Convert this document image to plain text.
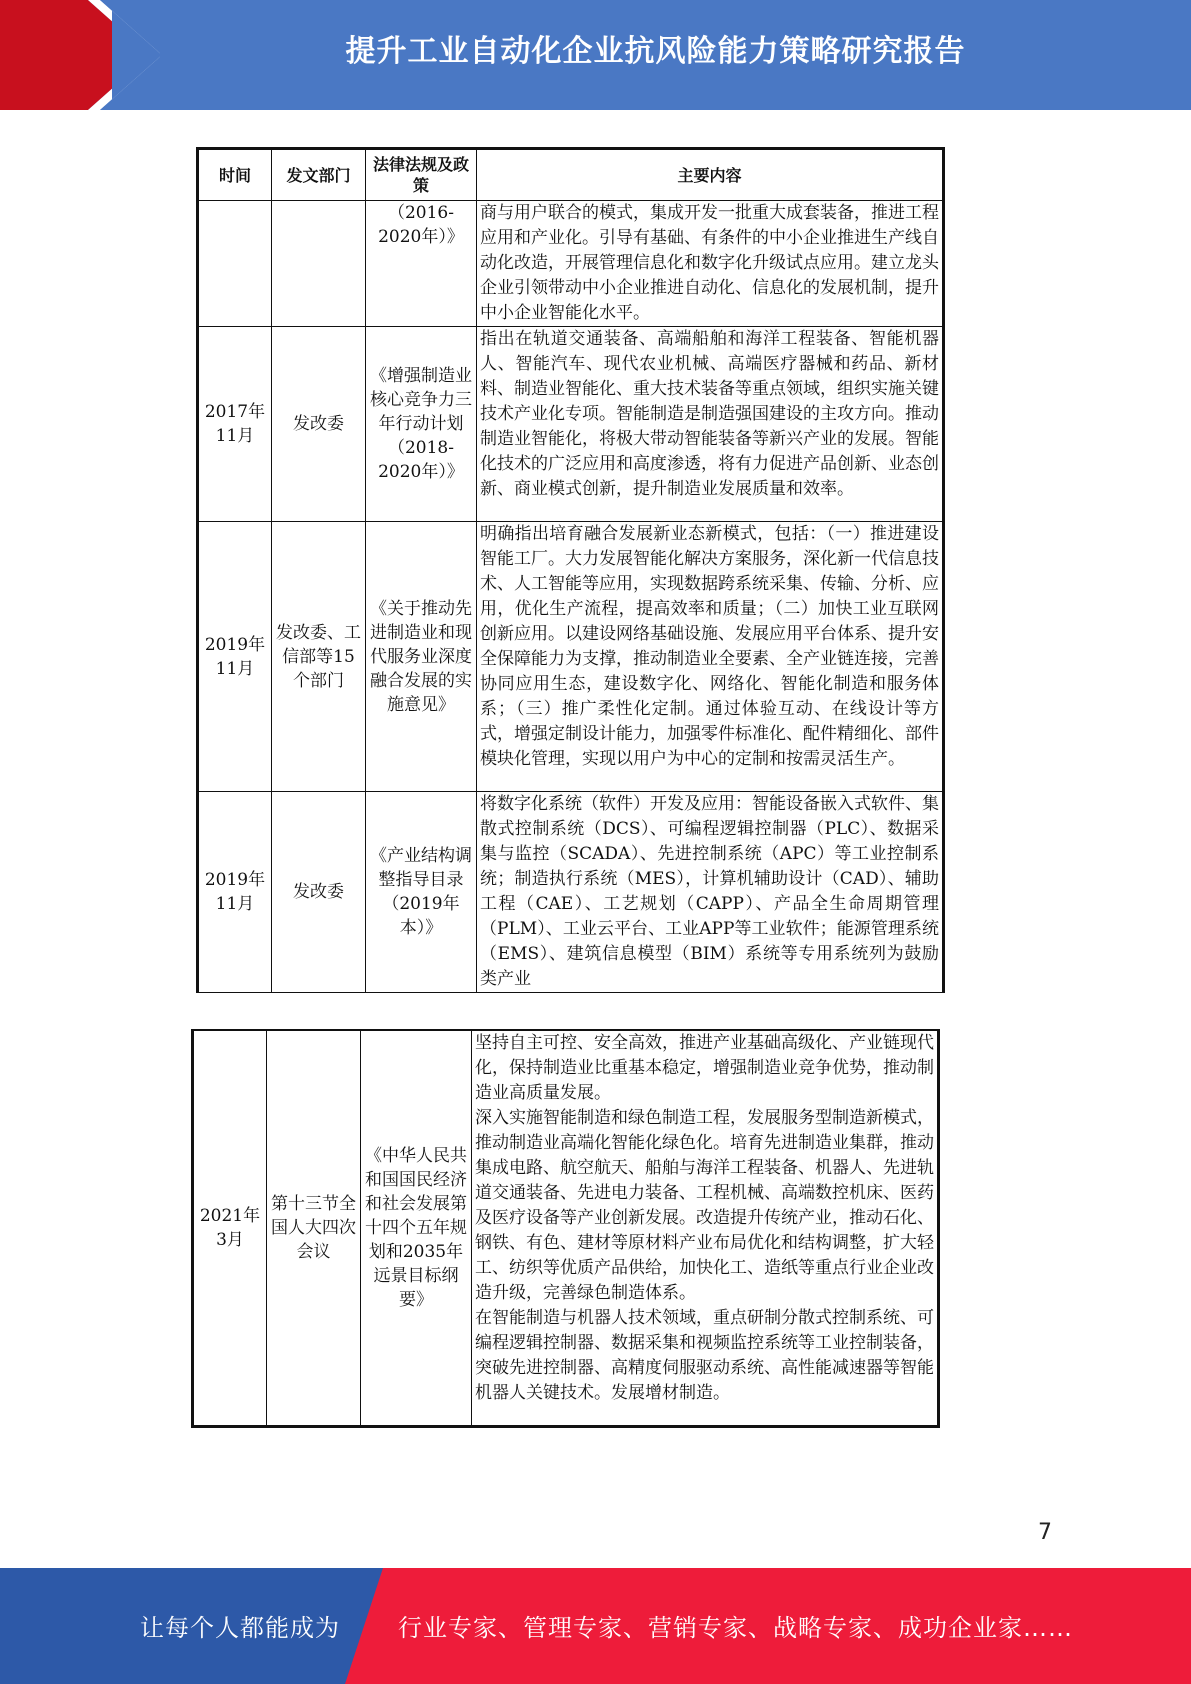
提升工业自动化企业抗风险能力策略研究报告
时间	发文部门	法律法规及政策	主要内容
		（2016-2020年）》	商与用户联合的模式，集成开发一批重大成套装备，推进工程应用和产业化。引导有基础、有条件的中小企业推进生产线自动化改造，开展管理信息化和数字化升级试点应用。建立龙头企业引领带动中小企业推进自动化、信息化的发展机制，提升中小企业智能化水平。
2017年11月	发改委	《增强制造业核心竞争力三年行动计划（2018-2020年）》	指出在轨道交通装备、高端船舶和海洋工程装备、智能机器人、智能汽车、现代农业机械、高端医疗器械和药品、新材料、制造业智能化、重大技术装备等重点领域，组织实施关键技术产业化专项。智能制造是制造强国建设的主攻方向。推动制造业智能化，将极大带动智能装备等新兴产业的发展。智能化技术的广泛应用和高度渗透，将有力促进产品创新、业态创新、商业模式创新，提升制造业发展质量和效率。
2019年11月	发改委、工信部等15个部门	《关于推动先进制造业和现代服务业深度融合发展的实施意见》	明确指出培育融合发展新业态新模式，包括：（一）推进建设智能工厂。大力发展智能化解决方案服务，深化新一代信息技术、人工智能等应用，实现数据跨系统采集、传输、分析、应用，优化生产流程，提高效率和质量；（二）加快工业互联网创新应用。以建设网络基础设施、发展应用平台体系、提升安全保障能力为支撑，推动制造业全要素、全产业链连接，完善协同应用生态，建设数字化、网络化、智能化制造和服务体系；（三）推广柔性化定制。通过体验互动、在线设计等方式，增强定制设计能力，加强零件标准化、配件精细化、部件模块化管理，实现以用户为中心的定制和按需灵活生产。
2019年11月	发改委	《产业结构调整指导目录（2019年本）》	将数字化系统（软件）开发及应用：智能设备嵌入式软件、集散式控制系统（DCS）、可编程逻辑控制器（PLC）、数据采集与监控（SCADA）、先进控制系统（APC）等工业控制系统；制造执行系统（MES），计算机辅助设计（CAD）、辅助工程（CAE）、工艺规划（CAPP）、产品全生命周期管理（PLM）、工业云平台、工业APP等工业软件；能源管理系统（EMS）、建筑信息模型（BIM）系统等专用系统列为鼓励类产业
2021年3月	第十三节全国人大四次会议	《中华人民共和国国民经济和社会发展第十四个五年规划和2035年远景目标纲要》	坚持自主可控、安全高效，推进产业基础高级化、产业链现代化，保持制造业比重基本稳定，增强制造业竞争优势，推动制造业高质量发展。
深入实施智能制造和绿色制造工程，发展服务型制造新模式，推动制造业高端化智能化绿色化。培育先进制造业集群，推动集成电路、航空航天、船舶与海洋工程装备、机器人、先进轨道交通装备、先进电力装备、工程机械、高端数控机床、医药及医疗设备等产业创新发展。改造提升传统产业，推动石化、钢铁、有色、建材等原材料产业布局优化和结构调整，扩大轻工、纺织等优质产品供给，加快化工、造纸等重点行业企业改造升级，完善绿色制造体系。
在智能制造与机器人技术领域，重点研制分散式控制系统、可编程逻辑控制器、数据采集和视频监控系统等工业控制装备，突破先进控制器、高精度伺服驱动系统、高性能减速器等智能机器人关键技术。发展增材制造。
7
让每个人都能成为 行业专家、管理专家、营销专家、战略专家、成功企业家……
